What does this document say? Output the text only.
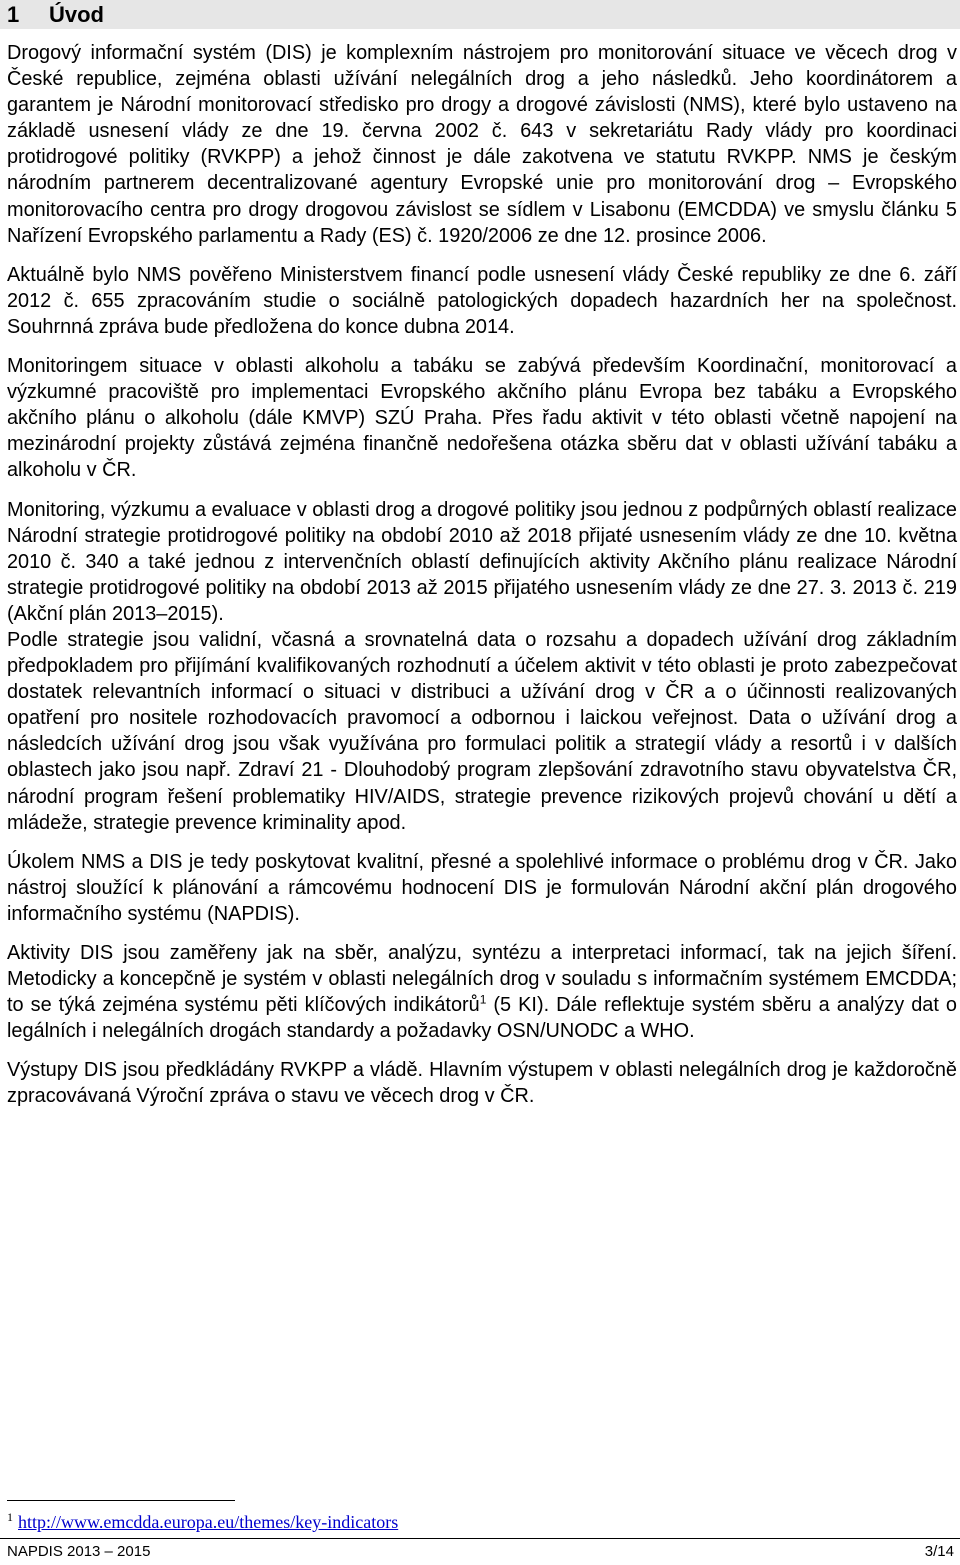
1 Úvod

Drogový informační systém (DIS) je komplexním nástrojem pro monitorování situace ve věcech drog v České republice, zejména oblasti užívání nelegálních drog a jeho následků. Jeho koordinátorem a garantem je Národní monitorovací středisko pro drogy a drogové závislosti (NMS), které bylo ustaveno na základě usnesení vlády ze dne 19. června 2002 č. 643 v sekretariátu Rady vlády pro koordinaci protidrogové politiky (RVKPP) a jehož činnost je dále zakotvena ve statutu RVKPP. NMS je českým národním partnerem decentralizované agentury Evropské unie pro monitorování drog – Evropského monitorovacího centra pro drogy drogovou závislost se sídlem v Lisabonu (EMCDDA) ve smyslu článku 5 Nařízení Evropského parlamentu a Rady (ES) č. 1920/2006 ze dne 12. prosince 2006.

Aktuálně bylo NMS pověřeno Ministerstvem financí podle usnesení vlády České republiky ze dne 6. září 2012 č. 655 zpracováním studie o sociálně patologických dopadech hazardních her na společnost. Souhrnná zpráva bude předložena do konce dubna 2014.

Monitoringem situace v oblasti alkoholu a tabáku se zabývá především Koordinační, monitorovací a výzkumné pracoviště pro implementaci Evropského akčního plánu Evropa bez tabáku a Evropského akčního plánu o alkoholu (dále KMVP) SZÚ Praha. Přes řadu aktivit v této oblasti včetně napojení na mezinárodní projekty zůstává zejména finančně nedořešena otázka sběru dat v oblasti užívání tabáku a alkoholu v ČR.

Monitoring, výzkumu a evaluace v oblasti drog a drogové politiky jsou jednou z podpůrných oblastí realizace Národní strategie protidrogové politiky na období 2010 až 2018 přijaté usnesením vlády ze dne 10. května 2010 č. 340 a také jednou z intervenčních oblastí definujících aktivity Akčního plánu realizace Národní strategie protidrogové politiky na období 2013 až 2015 přijatého usnesením vlády ze dne 27. 3. 2013 č. 219 (Akční plán 2013–2015).

Podle strategie jsou validní, včasná a srovnatelná data o rozsahu a dopadech užívání drog základním předpokladem pro přijímání kvalifikovaných rozhodnutí a účelem aktivit v této oblasti je proto zabezpečovat dostatek relevantních informací o situaci v distribuci a užívání drog v ČR a o účinnosti realizovaných opatření pro nositele rozhodovacích pravomocí a odbornou i laickou veřejnost. Data o užívání drog a následcích užívání drog jsou však využívána pro formulaci politik a strategií vlády a resortů i v dalších oblastech jako jsou např. Zdraví 21 - Dlouhodobý program zlepšování zdravotního stavu obyvatelstva ČR, národní program řešení problematiky HIV/AIDS, strategie prevence rizikových projevů chování u dětí a mládeže, strategie prevence kriminality apod.

Úkolem NMS a DIS je tedy poskytovat kvalitní, přesné a spolehlivé informace o problému drog v ČR. Jako nástroj sloužící k plánování a rámcovému hodnocení DIS je formulován Národní akční plán drogového informačního systému (NAPDIS).

Aktivity DIS jsou zaměřeny jak na sběr, analýzu, syntézu a interpretaci informací, tak na jejich šíření. Metodicky a koncepčně je systém v oblasti nelegálních drog v souladu s informačním systémem EMCDDA; to se týká zejména systému pěti klíčových indikátorů$^1$ (5 KI). Dále reflektuje systém sběru a analýzy dat o legálních i nelegálních drogách standardy a požadavky OSN/UNODC a WHO.

Výstupy DIS jsou předkládány RVKPP a vládě. Hlavním výstupem v oblasti nelegálních drog je každoročně zpracovávaná Výroční zpráva o stavu ve věcech drog v ČR.

$^1$ http://www.emcdda.europa.eu/themes/key-indicators
NAPDIS 2013 – 2015	3/14
